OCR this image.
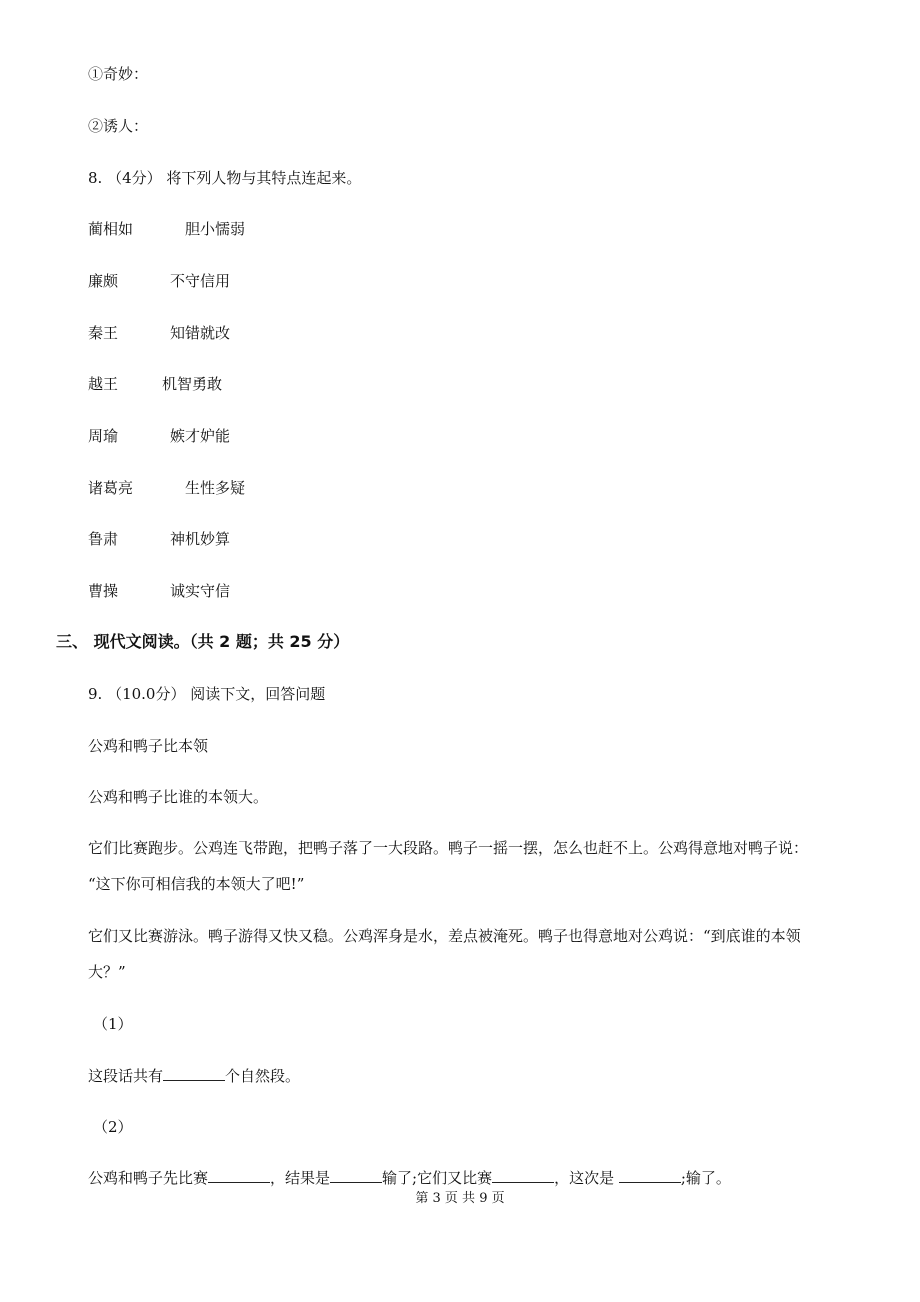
①奇妙：
②诱人：
8. （4分） 将下列人物与其特点连起来。
蔺相如	胆小懦弱
廉颇	不守信用
秦王	知错就改
越王	机智勇敢
周瑜	嫉才妒能
诸葛亮	生性多疑
鲁肃	神机妙算
曹操	诚实守信
三、 现代文阅读。（共 2 题；共 25 分）
9. （10.0分） 阅读下文，回答问题
公鸡和鸭子比本领
公鸡和鸭子比谁的本领大。
它们比赛跑步。公鸡连飞带跑，把鸭子落了一大段路。鸭子一摇一摆，怎么也赶不上。公鸡得意地对鸭子说：
“这下你可相信我的本领大了吧!”
它们又比赛游泳。鸭子游得又快又稳。公鸡浑身是水，差点被淹死。鸭子也得意地对公鸡说：“到底谁的本领
大？”
（1）
这段话共有	个自然段。
（2）
公鸡和鸭子先比赛	，结果是	输了;它们又比赛	，这次是	;输了。
第 3 页 共 9 页
